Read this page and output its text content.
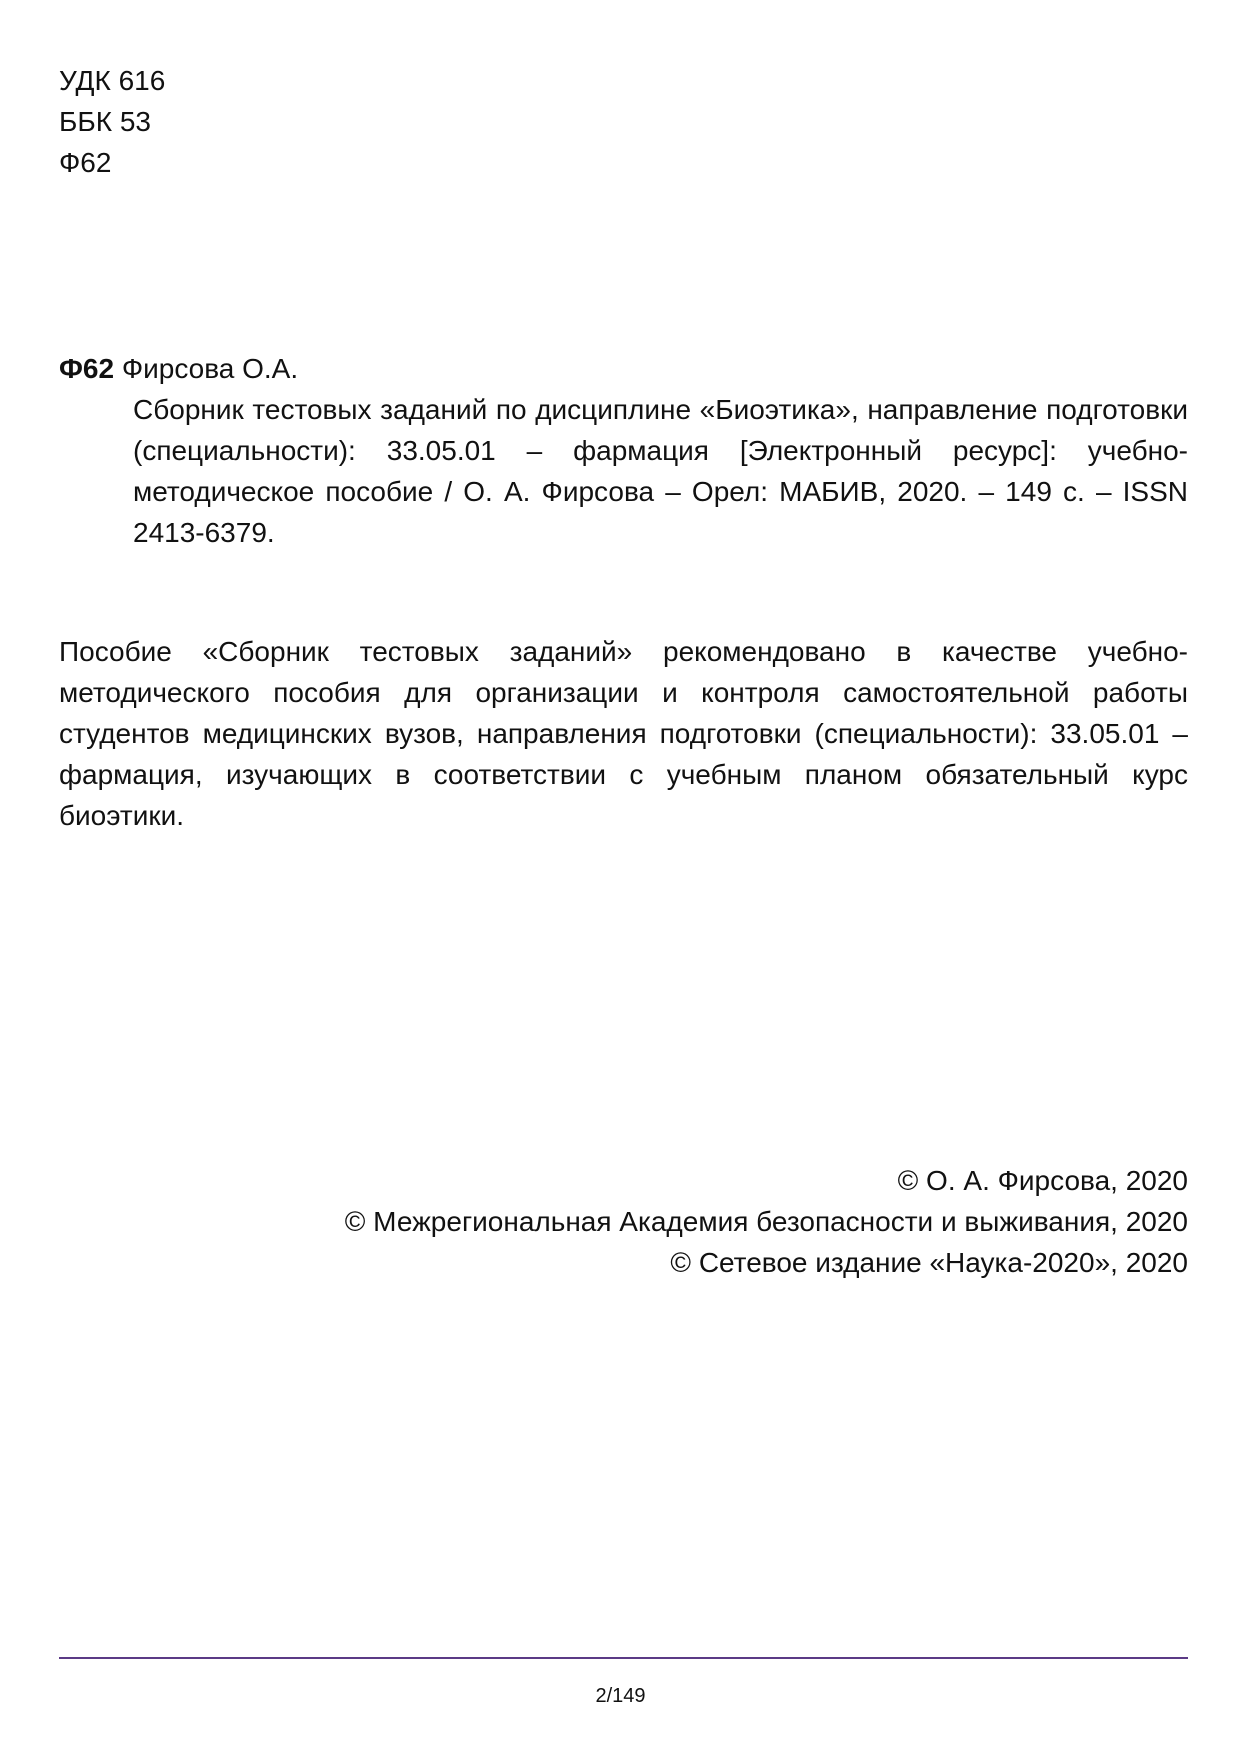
УДК 616
ББК 53
Ф62
Ф62 Фирсова О.А.
Сборник тестовых заданий по дисциплине «Биоэтика», направление подготовки (специальности): 33.05.01 – фармация [Электронный ресурс]: учебно-методическое пособие / О. А. Фирсова – Орел: МАБИВ, 2020. – 149 с. – ISSN 2413-6379.
Пособие «Сборник тестовых заданий» рекомендовано в качестве учебно-методического пособия для организации и контроля самостоятельной работы студентов медицинских вузов, направления подготовки (специальности): 33.05.01 – фармация, изучающих в соответствии с учебным планом обязательный курс биоэтики.
© О. А. Фирсова, 2020
© Межрегиональная Академия безопасности и выживания, 2020
© Сетевое издание «Наука-2020», 2020
2/149
